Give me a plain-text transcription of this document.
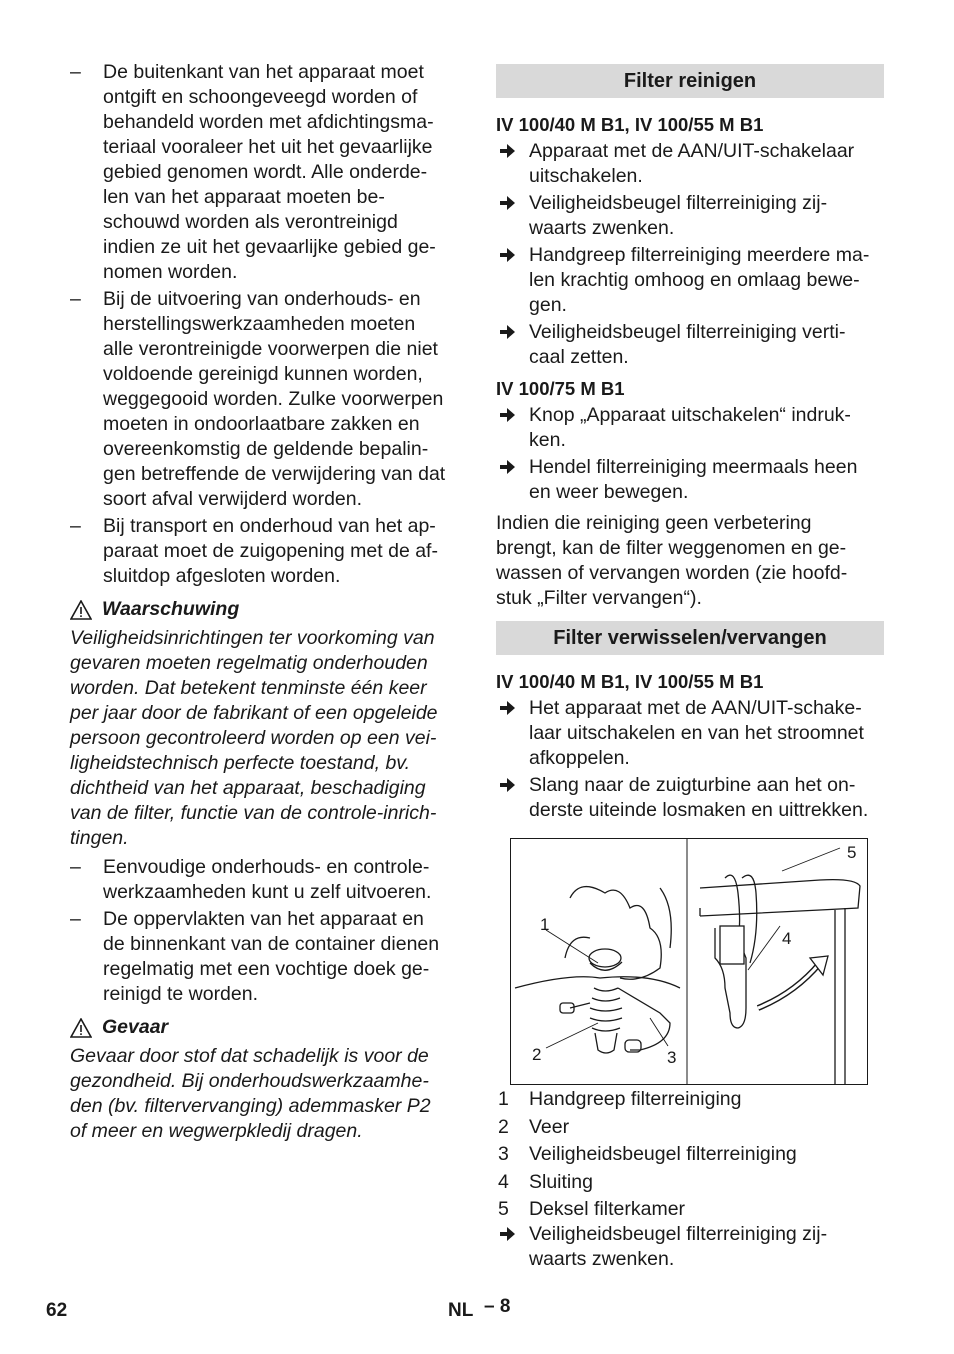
– De buitenkant van het apparaat moet
ontgift en schoongeveegd worden of
behandeld worden met afdichtingsma-
teriaal vooraleer het uit het gevaarlijke
gebied genomen wordt. Alle onderde-
len van het apparaat moeten be-
schouwd worden als verontreinigd
indien ze uit het gevaarlijke gebied ge-
nomen worden.
– Bij de uitvoering van onderhouds- en
herstellingswerkzaamheden moeten
alle verontreinigde voorwerpen die niet
voldoende gereinigd kunnen worden,
weggegooid worden. Zulke voorwerpen
moeten in ondoorlaatbare zakken en
overeenkomstig de geldende bepalin-
gen betreffende de verwijdering van dat
soort afval verwijderd worden.
– Bij transport en onderhoud van het ap-
paraat moet de zuigopening met de af-
sluitdop afgesloten worden.
Waarschuwing
Veiligheidsinrichtingen ter voorkoming van
gevaren moeten regelmatig onderhouden
worden. Dat betekent tenminste één keer
per jaar door de fabrikant of een opgeleide
persoon gecontroleerd worden op een vei-
ligheidstechnisch perfecte toestand, bv.
dichtheid van het apparaat, beschadiging
van de filter, functie van de controle-inrich-
tingen.
– Eenvoudige onderhouds- en controle-
werkzaamheden kunt u zelf uitvoeren.
– De oppervlakten van het apparaat en
de binnenkant van de container dienen
regelmatig met een vochtige doek ge-
reinigd te worden.
Gevaar
Gevaar door stof dat schadelijk is voor de
gezondheid. Bij onderhoudswerkzaamhe-
den (bv. filtervervanging) ademmasker P2
of meer en wegwerpkledij dragen.
Filter reinigen
IV 100/40 M B1, IV 100/55 M B1
Apparaat met de AAN/UIT-schakelaar
uitschakelen.
Veiligheidsbeugel filterreiniging zij-
waarts zwenken.
Handgreep filterreiniging meerdere ma-
len krachtig omhoog en omlaag bewe-
gen.
Veiligheidsbeugel filterreiniging verti-
caal zetten.
IV 100/75 M B1
Knop „Apparaat uitschakelen“ indruk-
ken.
Hendel filterreiniging meermaals heen
en weer bewegen.
Indien die reiniging geen verbetering
brengt, kan de filter weggenomen en ge-
wassen of vervangen worden (zie hoofd-
stuk „Filter vervangen“).
Filter verwisselen/vervangen
IV 100/40 M B1, IV 100/55 M B1
Het apparaat met de AAN/UIT-schake-
laar uitschakelen en van het stroomnet
afkoppelen.
Slang naar de zuigturbine aan het on-
derste uiteinde losmaken en uittrekken.
1
2	3
4
5
1 Handgreep filterreiniging
2 Veer
3 Veiligheidsbeugel filterreiniging
4 Sluiting
5 Deksel filterkamer
Veiligheidsbeugel filterreiniging zij-
waarts zwenken.
62	NL – 8
